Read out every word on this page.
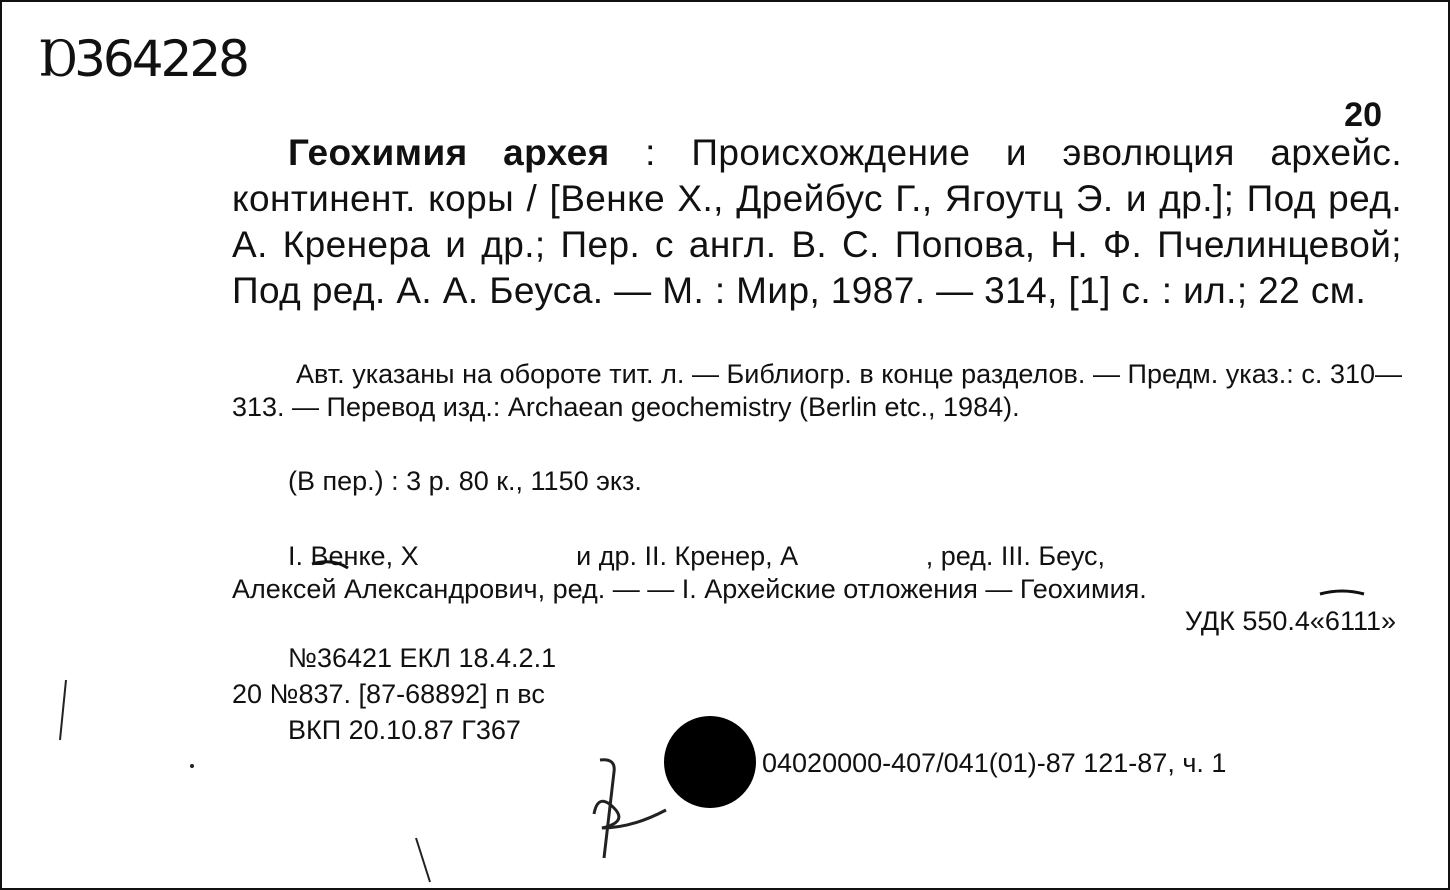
Ɒ364228
20
Геохимия архея : Происхождение и эволюция архейс. континент. коры / [Венке Х., Дрейбус Г., Ягоутц Э. и др.]; Под ред. А. Кренера и др.; Пер. с англ. В. С. Попова, Н. Ф. Пчелинцевой; Под ред. А. А. Беуса. — М. : Мир, 1987. — 314, [1] с. : ил.; 22 см.
Авт. указаны на обороте тит. л. — Библиогр. в конце разделов. — Предм. указ.: с. 310—313. — Перевод изд.: Archaean geochemistry (Berlin etc., 1984).
(В пер.) : 3 р. 80 к., 1150 экз.
I. Венке, Х                     и др. II. Кренер, А                 , ред. III. Беус,
Алексей Александрович, ред. — — I. Архейские отложения — Геохимия.
УДК 550.4«6111»
№36421 ЕКЛ 18.4.2.1
20 №837. [87-68892] п вс
ВКП 20.10.87 Г367
04020000-407/041(01)-87 121-87, ч. 1
